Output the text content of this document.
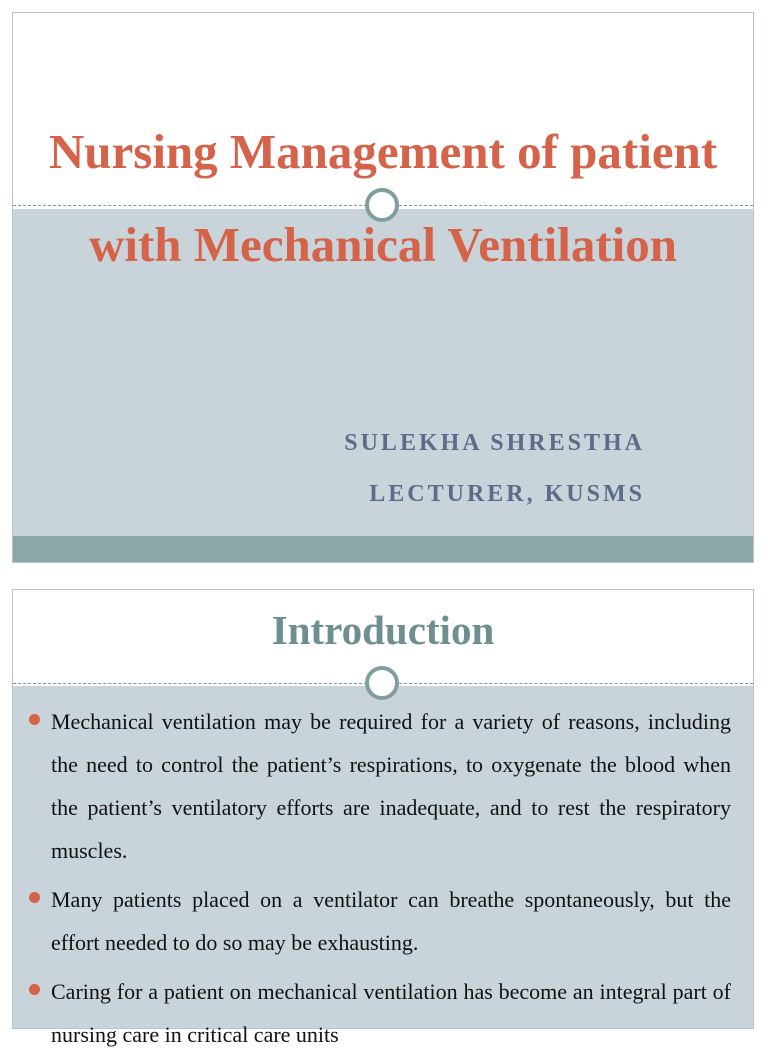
Nursing Management of patient with Mechanical Ventilation
SULEKHA SHRESTHA
LECTURER, KUSMS
Introduction
Mechanical ventilation may be required for a variety of reasons, including the need to control the patient’s respirations, to oxygenate the blood when the patient’s ventilatory efforts are inadequate, and to rest the respiratory muscles.
Many patients placed on a ventilator can breathe spontaneously, but the effort needed to do so may be exhausting.
Caring for a patient on mechanical ventilation has become an integral part of nursing care in critical care units
